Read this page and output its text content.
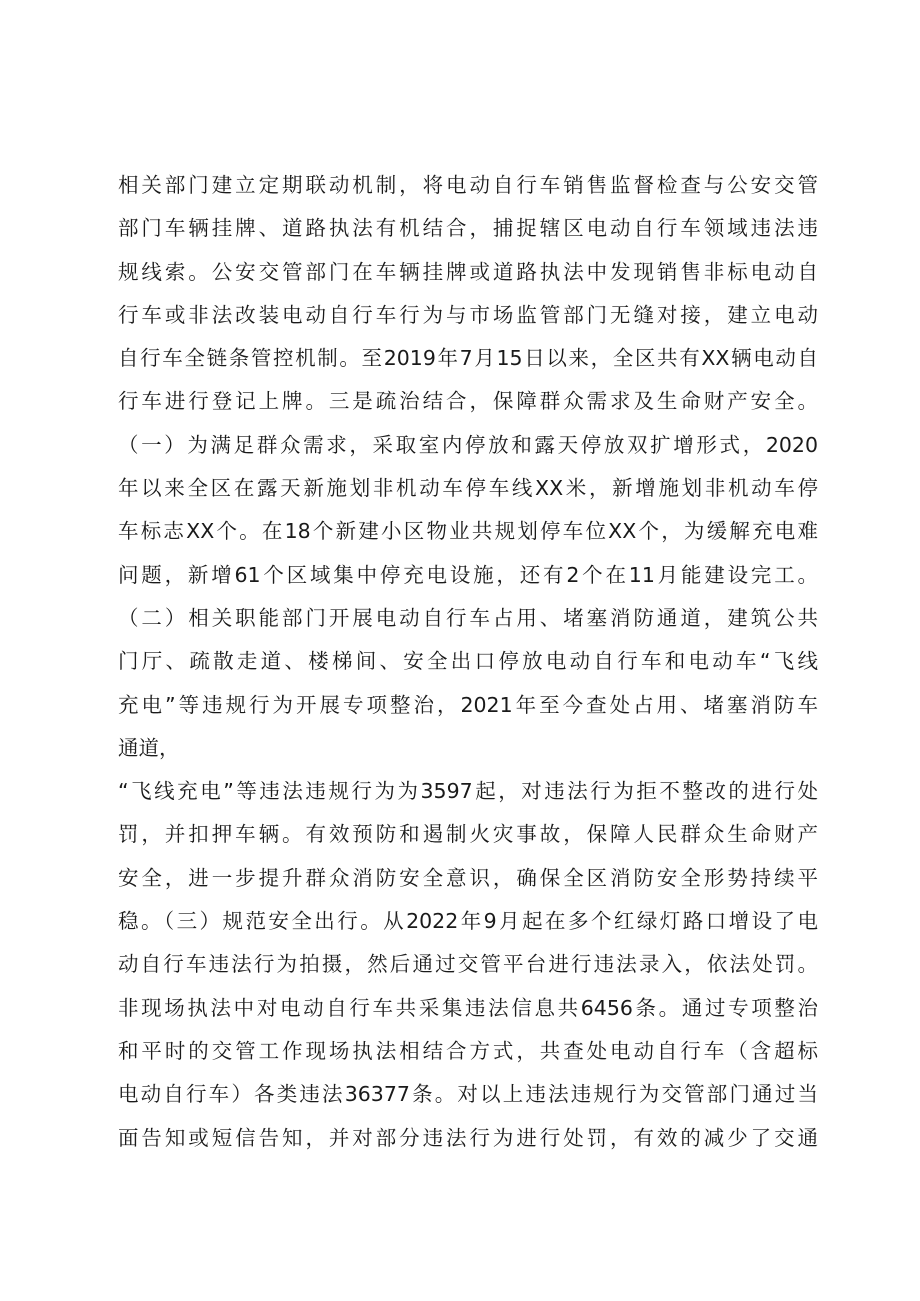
相关部门建立定期联动机制，将电动自行车销售监督检查与公安交管
部门车辆挂牌、道路执法有机结合，捕捉辖区电动自行车领域违法违
规线索。公安交管部门在车辆挂牌或道路执法中发现销售非标电动自
行车或非法改装电动自行车行为与市场监管部门无缝对接，建立电动
自行车全链条管控机制。至2019年7月15日以来，全区共有XX辆电动自
行车进行登记上牌。三是疏治结合，保障群众需求及生命财产安全。
（一）为满足群众需求，采取室内停放和露天停放双扩增形式，2020
年以来全区在露天新施划非机动车停车线XX米，新增施划非机动车停
车标志XX个。在18个新建小区物业共规划停车位XX个，为缓解充电难
问题，新增61个区域集中停充电设施，还有2个在11月能建设完工。
（二）相关职能部门开展电动自行车占用、堵塞消防通道，建筑公共
门厅、疏散走道、楼梯间、安全出口停放电动自行车和电动车“飞线
充电”等违规行为开展专项整治，2021年至今查处占用、堵塞消防车
通道，
“飞线充电”等违法违规行为为3597起，对违法行为拒不整改的进行处
罚，并扣押车辆。有效预防和遏制火灾事故，保障人民群众生命财产
安全，进一步提升群众消防安全意识，确保全区消防安全形势持续平
稳。（三）规范安全出行。从2022年9月起在多个红绿灯路口增设了电
动自行车违法行为拍摄，然后通过交管平台进行违法录入，依法处罚。
非现场执法中对电动自行车共采集违法信息共6456条。通过专项整治
和平时的交管工作现场执法相结合方式，共查处电动自行车（含超标
电动自行车）各类违法36377条。对以上违法违规行为交管部门通过当
面告知或短信告知，并对部分违法行为进行处罚，有效的减少了交通
